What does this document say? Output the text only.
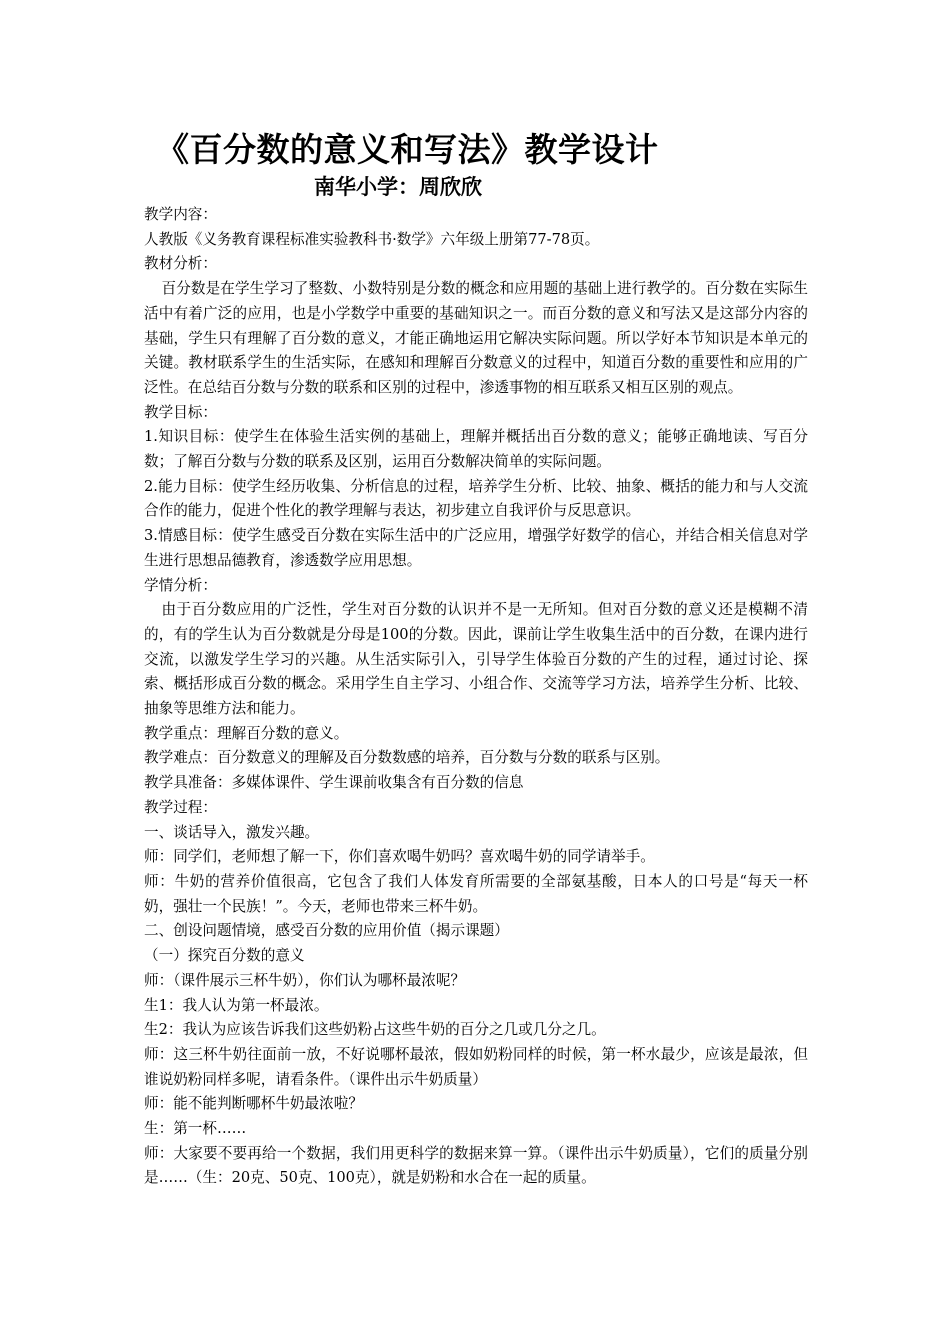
《百分数的意义和写法》教学设计
南华小学：周欣欣

教学内容：

人教版《义务教育课程标准实验教科书·数学》六年级上册第77-78页。

教材分析：

百分数是在学生学习了整数、小数特别是分数的概念和应用题的基础上进行教学的。百分数在实际生活中有着广泛的应用，也是小学数学中重要的基础知识之一。而百分数的意义和写法又是这部分内容的基础，学生只有理解了百分数的意义，才能正确地运用它解决实际问题。所以学好本节知识是本单元的关键。教材联系学生的生活实际，在感知和理解百分数意义的过程中，知道百分数的重要性和应用的广泛性。在总结百分数与分数的联系和区别的过程中，渗透事物的相互联系又相互区别的观点。

教学目标：

1.知识目标：使学生在体验生活实例的基础上，理解并概括出百分数的意义；能够正确地读、写百分数；了解百分数与分数的联系及区别，运用百分数解决简单的实际问题。

2.能力目标：使学生经历收集、分析信息的过程，培养学生分析、比较、抽象、概括的能力和与人交流合作的能力，促进个性化的教学理解与表达，初步建立自我评价与反思意识。

3.情感目标：使学生感受百分数在实际生活中的广泛应用，增强学好数学的信心，并结合相关信息对学生进行思想品德教育，渗透数学应用思想。

学情分析：

由于百分数应用的广泛性，学生对百分数的认识并不是一无所知。但对百分数的意义还是模糊不清的，有的学生认为百分数就是分母是100的分数。因此，课前让学生收集生活中的百分数，在课内进行交流，以激发学生学习的兴趣。从生活实际引入，引导学生体验百分数的产生的过程，通过讨论、探索、概括形成百分数的概念。采用学生自主学习、小组合作、交流等学习方法，培养学生分析、比较、抽象等思维方法和能力。

教学重点：理解百分数的意义。

教学难点：百分数意义的理解及百分数数感的培养，百分数与分数的联系与区别。

教学具准备：多媒体课件、学生课前收集含有百分数的信息

教学过程：

一、谈话导入，激发兴趣。

师：同学们，老师想了解一下，你们喜欢喝牛奶吗？喜欢喝牛奶的同学请举手。

师：牛奶的营养价值很高，它包含了我们人体发育所需要的全部氨基酸，日本人的口号是“每天一杯奶，强壮一个民族！”。今天，老师也带来三杯牛奶。

二、创设问题情境，感受百分数的应用价值（揭示课题）

（一）探究百分数的意义

师：（课件展示三杯牛奶），你们认为哪杯最浓呢？

生1：我人认为第一杯最浓。

生2：我认为应该告诉我们这些奶粉占这些牛奶的百分之几或几分之几。

师：这三杯牛奶往面前一放，不好说哪杯最浓，假如奶粉同样的时候，第一杯水最少，应该是最浓，但谁说奶粉同样多呢，请看条件。（课件出示牛奶质量）

师：能不能判断哪杯牛奶最浓啦？

生：第一杯……

师：大家要不要再给一个数据，我们用更科学的数据来算一算。（课件出示牛奶质量），它们的质量分别是……（生：20克、50克、100克），就是奶粉和水合在一起的质量。
